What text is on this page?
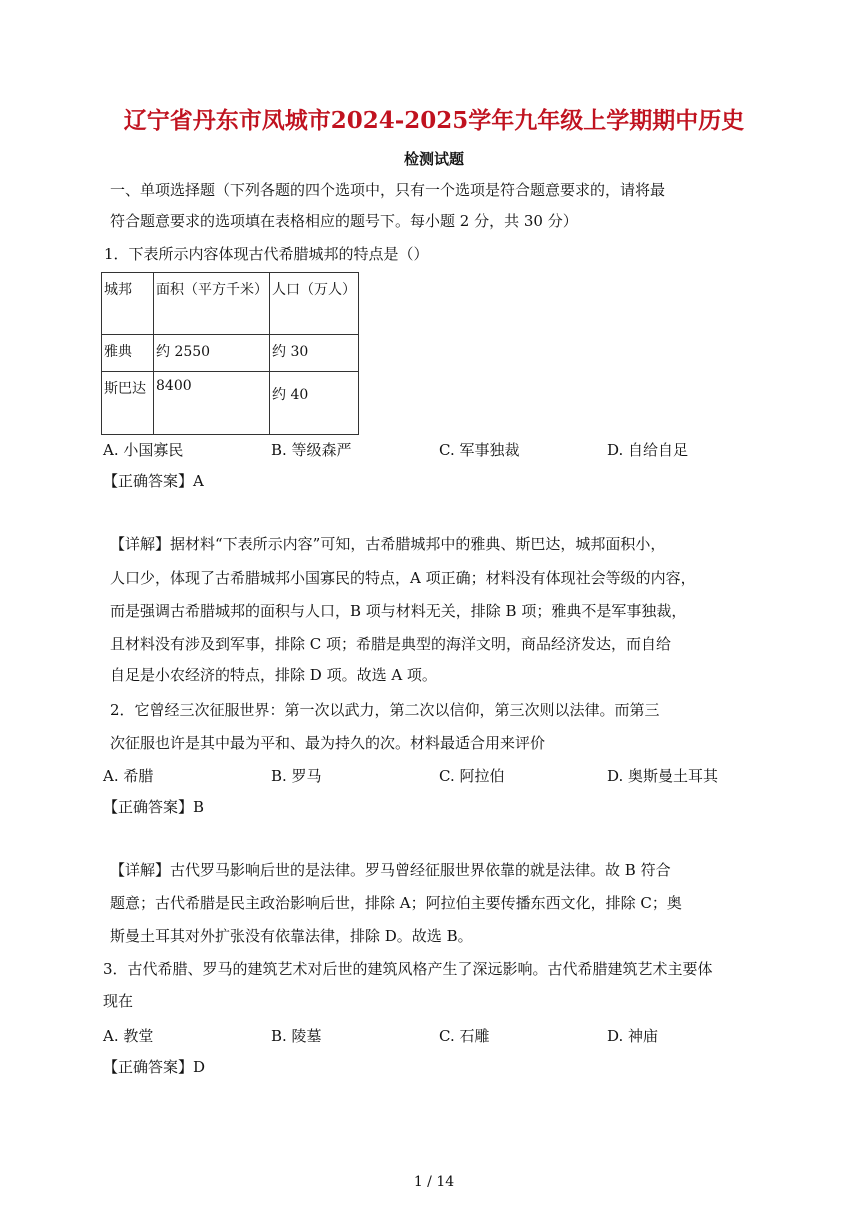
辽宁省丹东市凤城市2024-2025学年九年级上学期期中历史
检测试题
一、单项选择题（下列各题的四个选项中，只有一个选项是符合题意要求的，请将最
符合题意要求的选项填在表格相应的题号下。每小题 2 分，共 30 分）
1．下表所示内容体现古代希腊城邦的特点是（）
城邦	面积（平方千米）	人口（万人）
雅典	约 2550	约 30
斯巴达	8400	约 40
A. 小国寡民	B. 等级森严	C. 军事独裁	D. 自给自足
【正确答案】A
【详解】据材料“下表所示内容”可知，古希腊城邦中的雅典、斯巴达，城邦面积小，
人口少，体现了古希腊城邦小国寡民的特点，A 项正确；材料没有体现社会等级的内容，
而是强调古希腊城邦的面积与人口，B 项与材料无关，排除 B 项；雅典不是军事独裁，
且材料没有涉及到军事，排除 C 项；希腊是典型的海洋文明，商品经济发达，而自给
自足是小农经济的特点，排除 D 项。故选 A 项。
2．它曾经三次征服世界：第一次以武力，第二次以信仰，第三次则以法律。而第三
次征服也许是其中最为平和、最为持久的次。材料最适合用来评价
A. 希腊	B. 罗马	C. 阿拉伯	D. 奥斯曼土耳其
【正确答案】B
【详解】古代罗马影响后世的是法律。罗马曾经征服世界依靠的就是法律。故 B 符合
题意；古代希腊是民主政治影响后世，排除 A；阿拉伯主要传播东西文化，排除 C；奥
斯曼土耳其对外扩张没有依靠法律，排除 D。故选 B。
3．古代希腊、罗马的建筑艺术对后世的建筑风格产生了深远影响。古代希腊建筑艺术主要体
现在
A. 教堂	B. 陵墓	C. 石雕	D. 神庙
【正确答案】D
1 / 14
